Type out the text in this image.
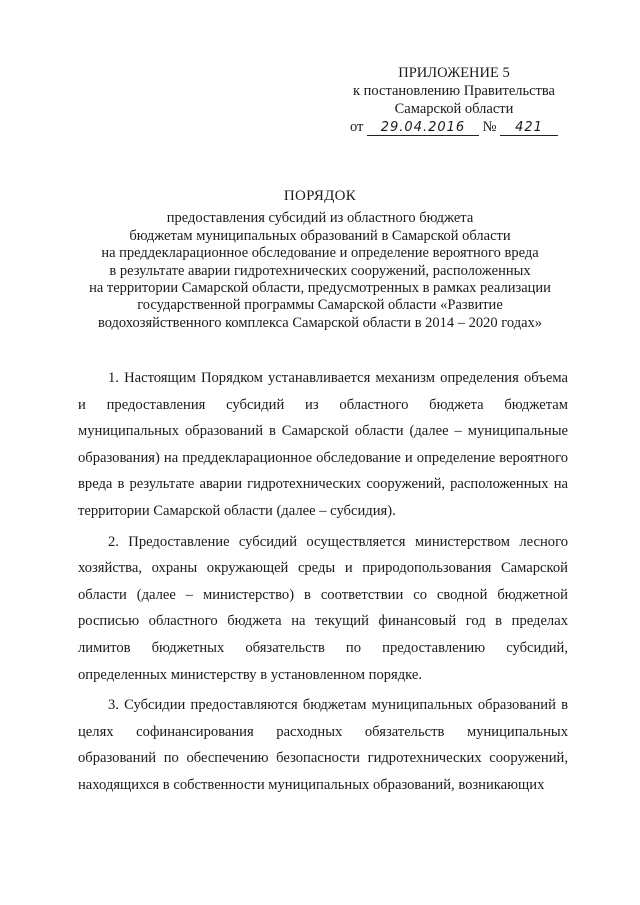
ПРИЛОЖЕНИЕ 5
к постановлению Правительства
Самарской области
от 29.04.2016 № 421
ПОРЯДОК
предоставления субсидий из областного бюджета
бюджетам муниципальных образований в Самарской области
на преддекларационное обследование и определение вероятного вреда
в результате аварии гидротехнических сооружений, расположенных
на территории Самарской области, предусмотренных в рамках реализации
государственной программы Самарской области «Развитие
водохозяйственного комплекса Самарской области в 2014 – 2020 годах»

1. Настоящим Порядком устанавливается механизм определения объема и предоставления субсидий из областного бюджета бюджетам муниципальных образований в Самарской области (далее – муниципальные образования) на преддекларационное обследование и определение вероятного вреда в результате аварии гидротехнических сооружений, расположенных на территории Самарской области (далее – субсидия).

2. Предоставление субсидий осуществляется министерством лесного хозяйства, охраны окружающей среды и природопользования Самарской области (далее – министерство) в соответствии со сводной бюджетной росписью областного бюджета на текущий финансовый год в пределах лимитов бюджетных обязательств по предоставлению субсидий, определенных министерству в установленном порядке.

3. Субсидии предоставляются бюджетам муниципальных образований в целях софинансирования расходных обязательств муниципальных образований по обеспечению безопасности гидротехнических сооружений, находящихся в собственности муниципальных образований, возникающих
